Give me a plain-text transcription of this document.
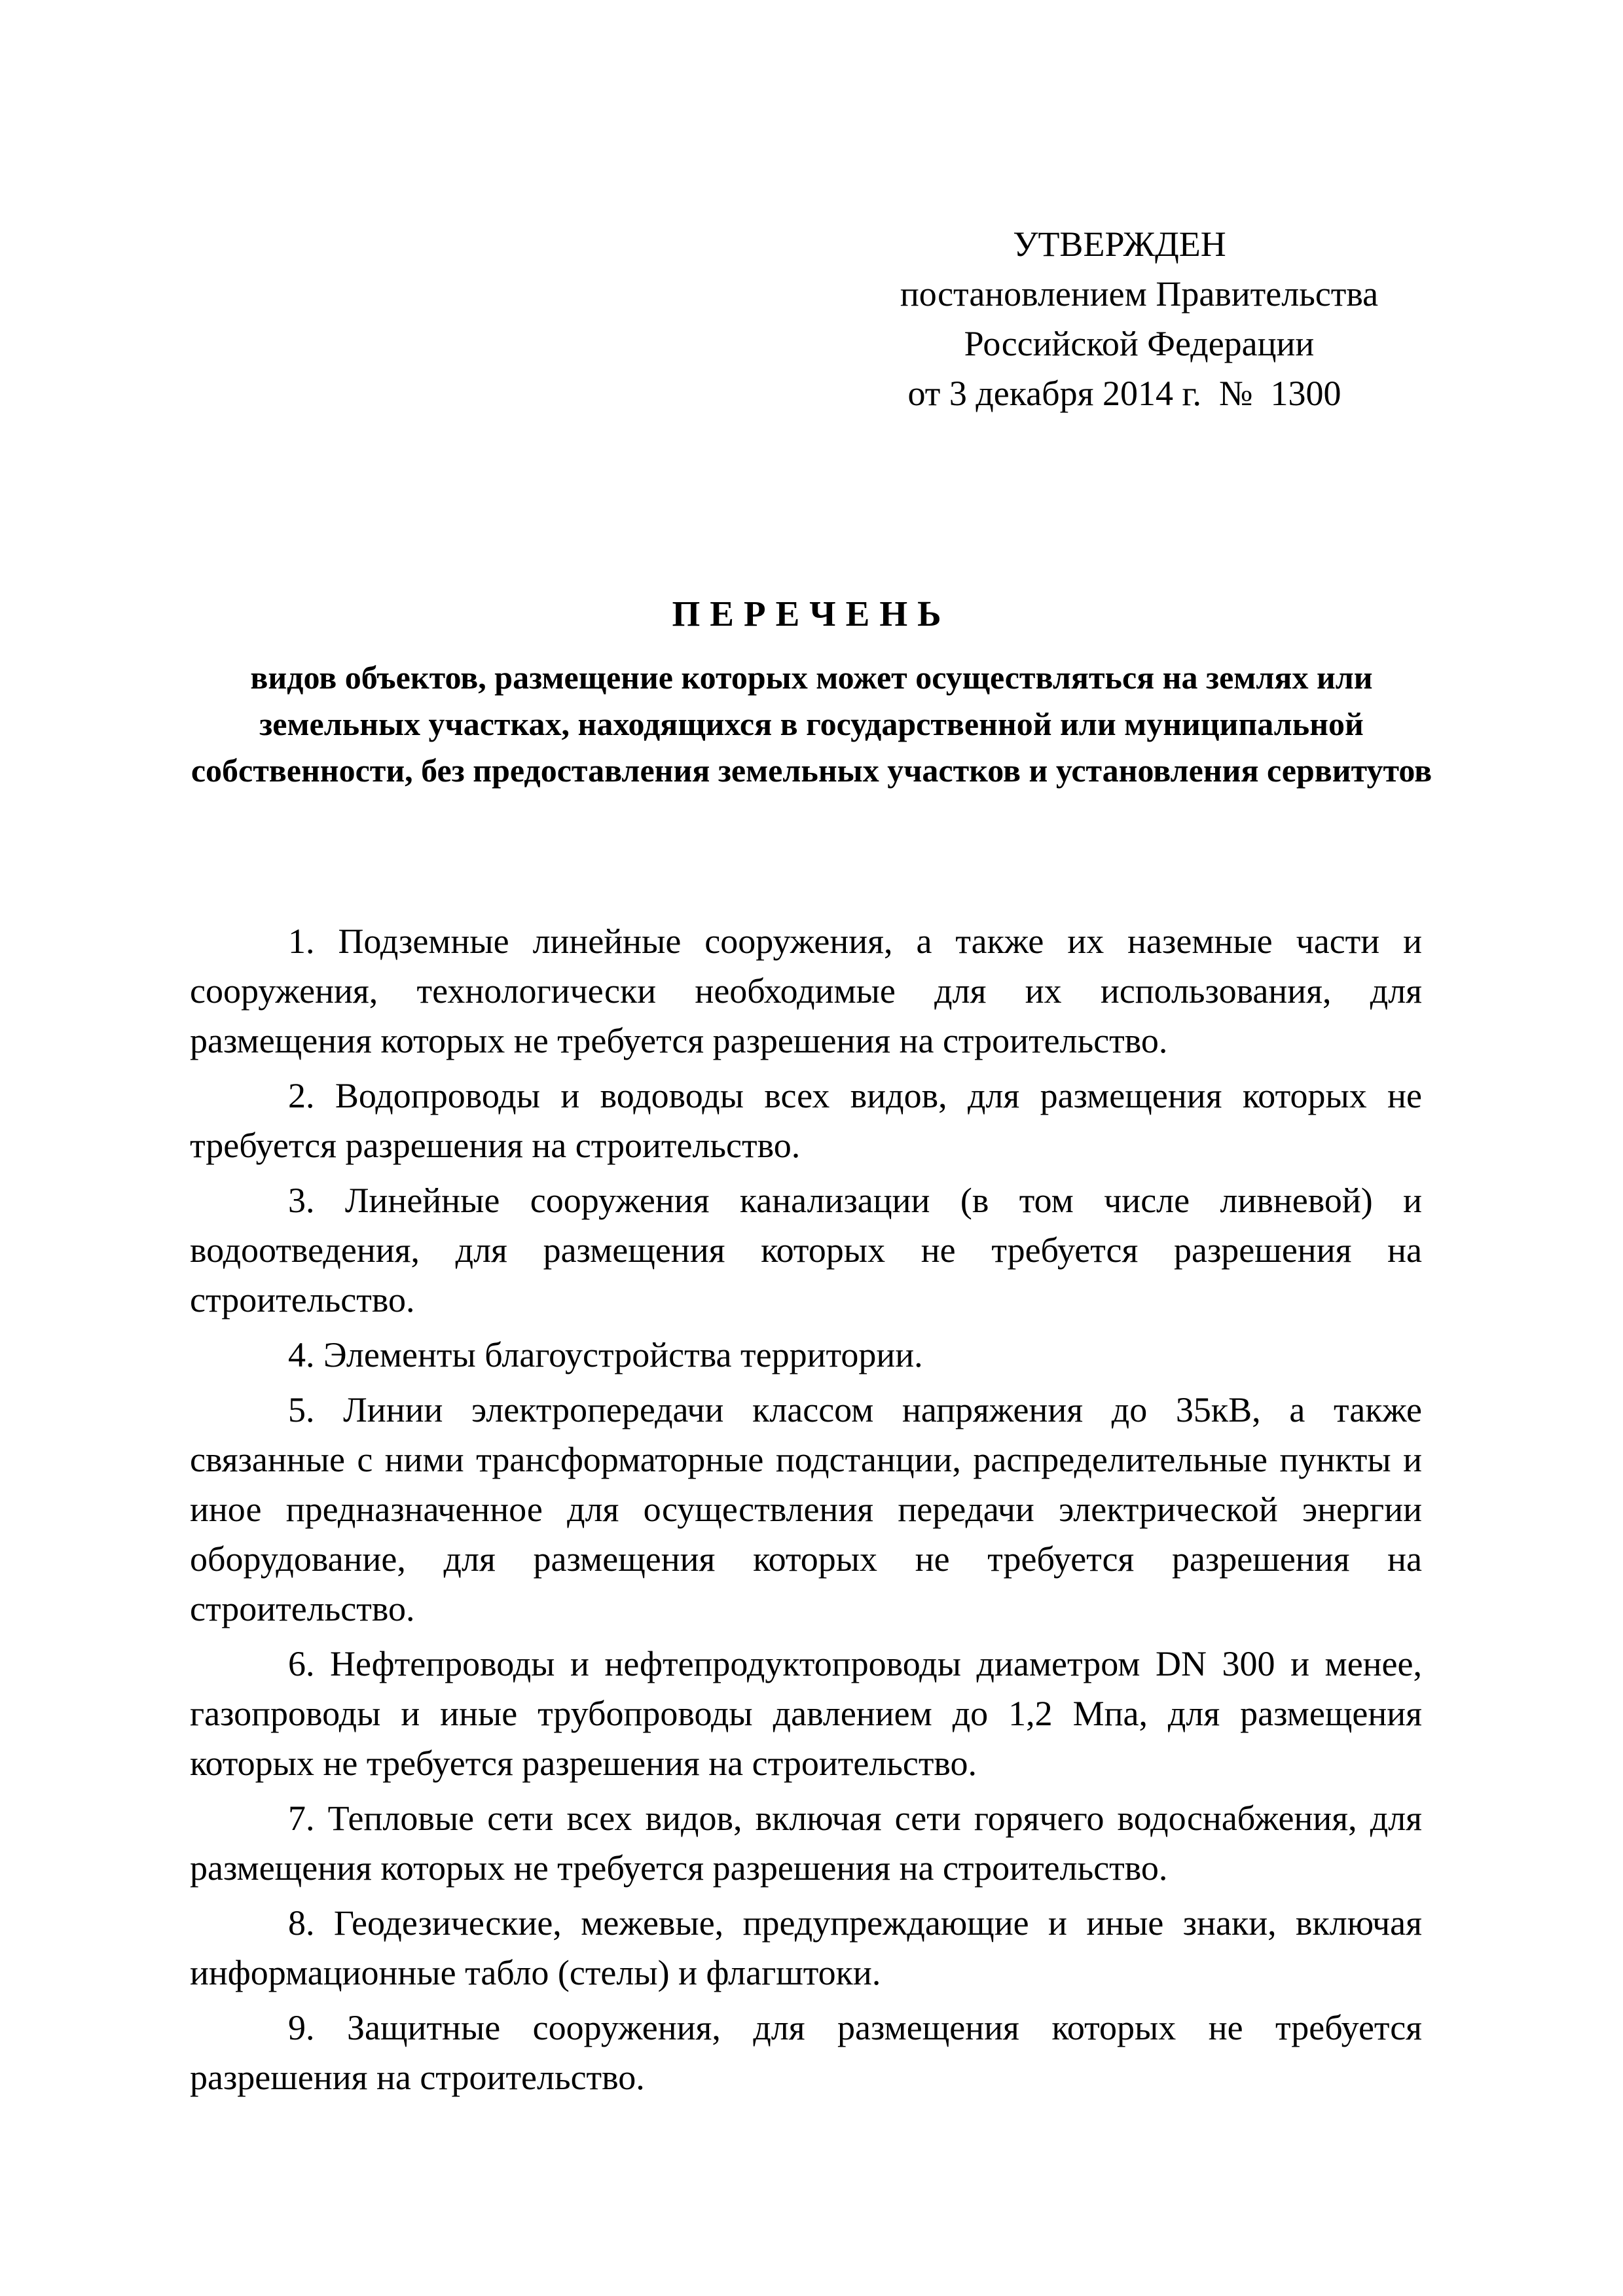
УТВЕРЖДЕН
постановлением Правительства
Российской Федерации
от 3 декабря 2014 г.  №  1300
ПЕРЕЧЕНЬ
видов объектов, размещение которых может осуществляться на землях или земельных участках, находящихся в государственной или муниципальной собственности, без предоставления земельных участков и установления сервитутов

1. Подземные линейные сооружения, а также их наземные части и сооружения, технологически необходимые для их использования, для размещения которых не требуется разрешения на строительство.

2. Водопроводы и водоводы всех видов, для размещения которых не требуется разрешения на строительство.

3. Линейные сооружения канализации (в том числе ливневой) и водоотведения, для размещения которых не требуется разрешения на строительство.

4. Элементы благоустройства территории.

5. Линии электропередачи классом напряжения до 35кВ, а также связанные с ними трансформаторные подстанции, распределительные пункты и иное предназначенное для осуществления передачи электрической энергии оборудование, для размещения которых не требуется разрешения на строительство.

6. Нефтепроводы и нефтепродуктопроводы диаметром DN 300 и менее, газопроводы и иные трубопроводы давлением до 1,2 Мпа, для размещения которых не требуется разрешения на строительство.

7. Тепловые сети всех видов, включая сети горячего водоснабжения, для размещения которых не требуется разрешения на строительство.

8. Геодезические, межевые, предупреждающие и иные знаки, включая информационные табло (стелы) и флагштоки.

9. Защитные сооружения, для размещения которых не требуется разрешения на строительство.
